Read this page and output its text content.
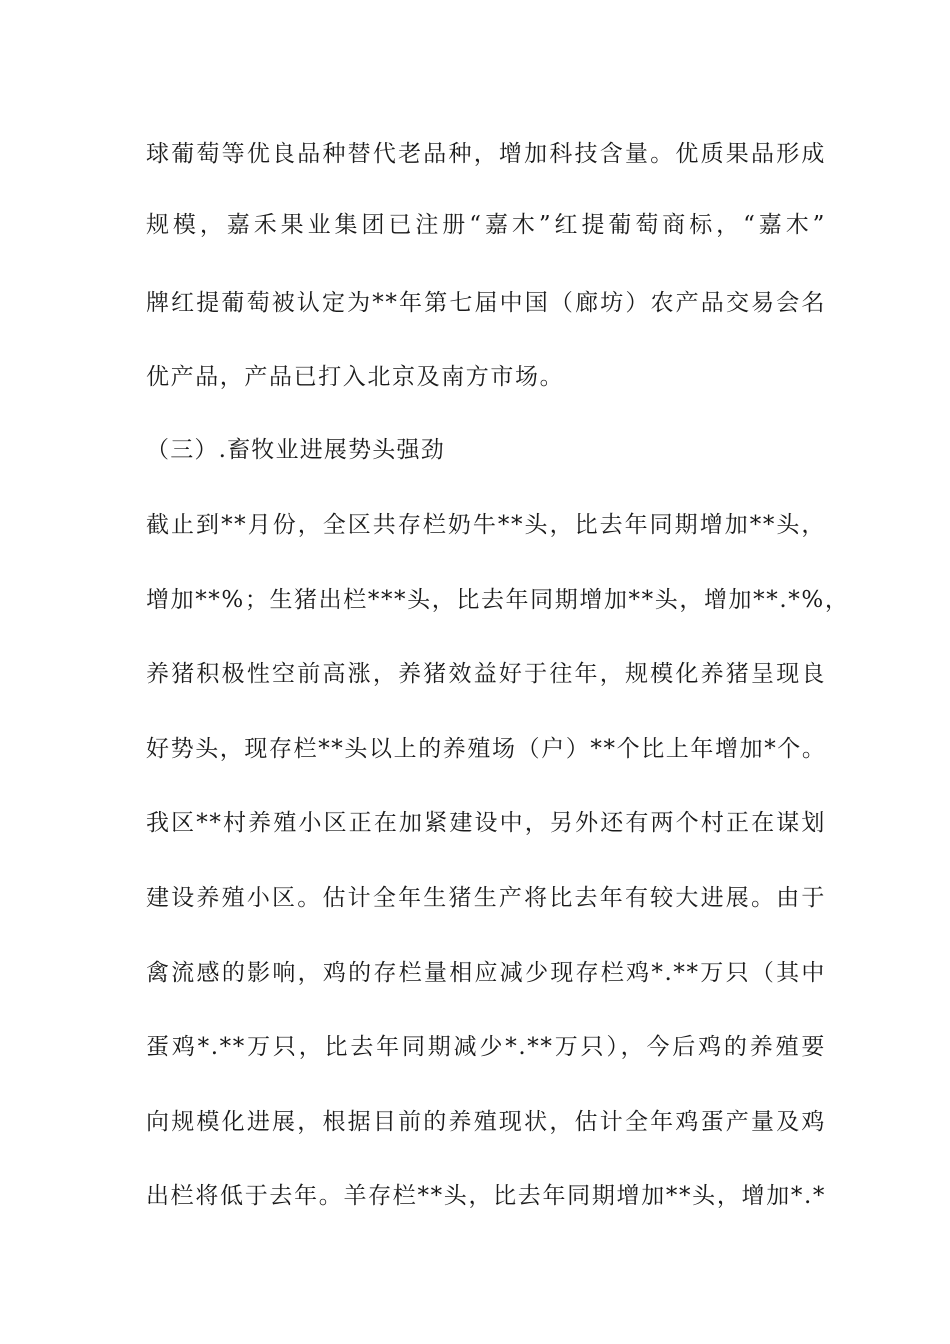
球葡萄等优良品种替代老品种，增加科技含量。优质果品形成
规模，嘉禾果业集团已注册“嘉木”红提葡萄商标，“嘉木”
牌红提葡萄被认定为**年第七届中国（廊坊）农产品交易会名
优产品，产品已打入北京及南方市场。
（三）.畜牧业进展势头强劲
截止到**月份，全区共存栏奶牛**头，比去年同期增加**头，
增加**%；生猪出栏***头，比去年同期增加**头，增加**.*%，
养猪积极性空前高涨，养猪效益好于往年，规模化养猪呈现良
好势头，现存栏**头以上的养殖场（户）**个比上年增加*个。
我区**村养殖小区正在加紧建设中，另外还有两个村正在谋划
建设养殖小区。估计全年生猪生产将比去年有较大进展。由于
禽流感的影响，鸡的存栏量相应减少现存栏鸡*.**万只（其中
蛋鸡*.**万只，比去年同期减少*.**万只），今后鸡的养殖要
向规模化进展，根据目前的养殖现状，估计全年鸡蛋产量及鸡
出栏将低于去年。羊存栏**头，比去年同期增加**头，增加*.*
